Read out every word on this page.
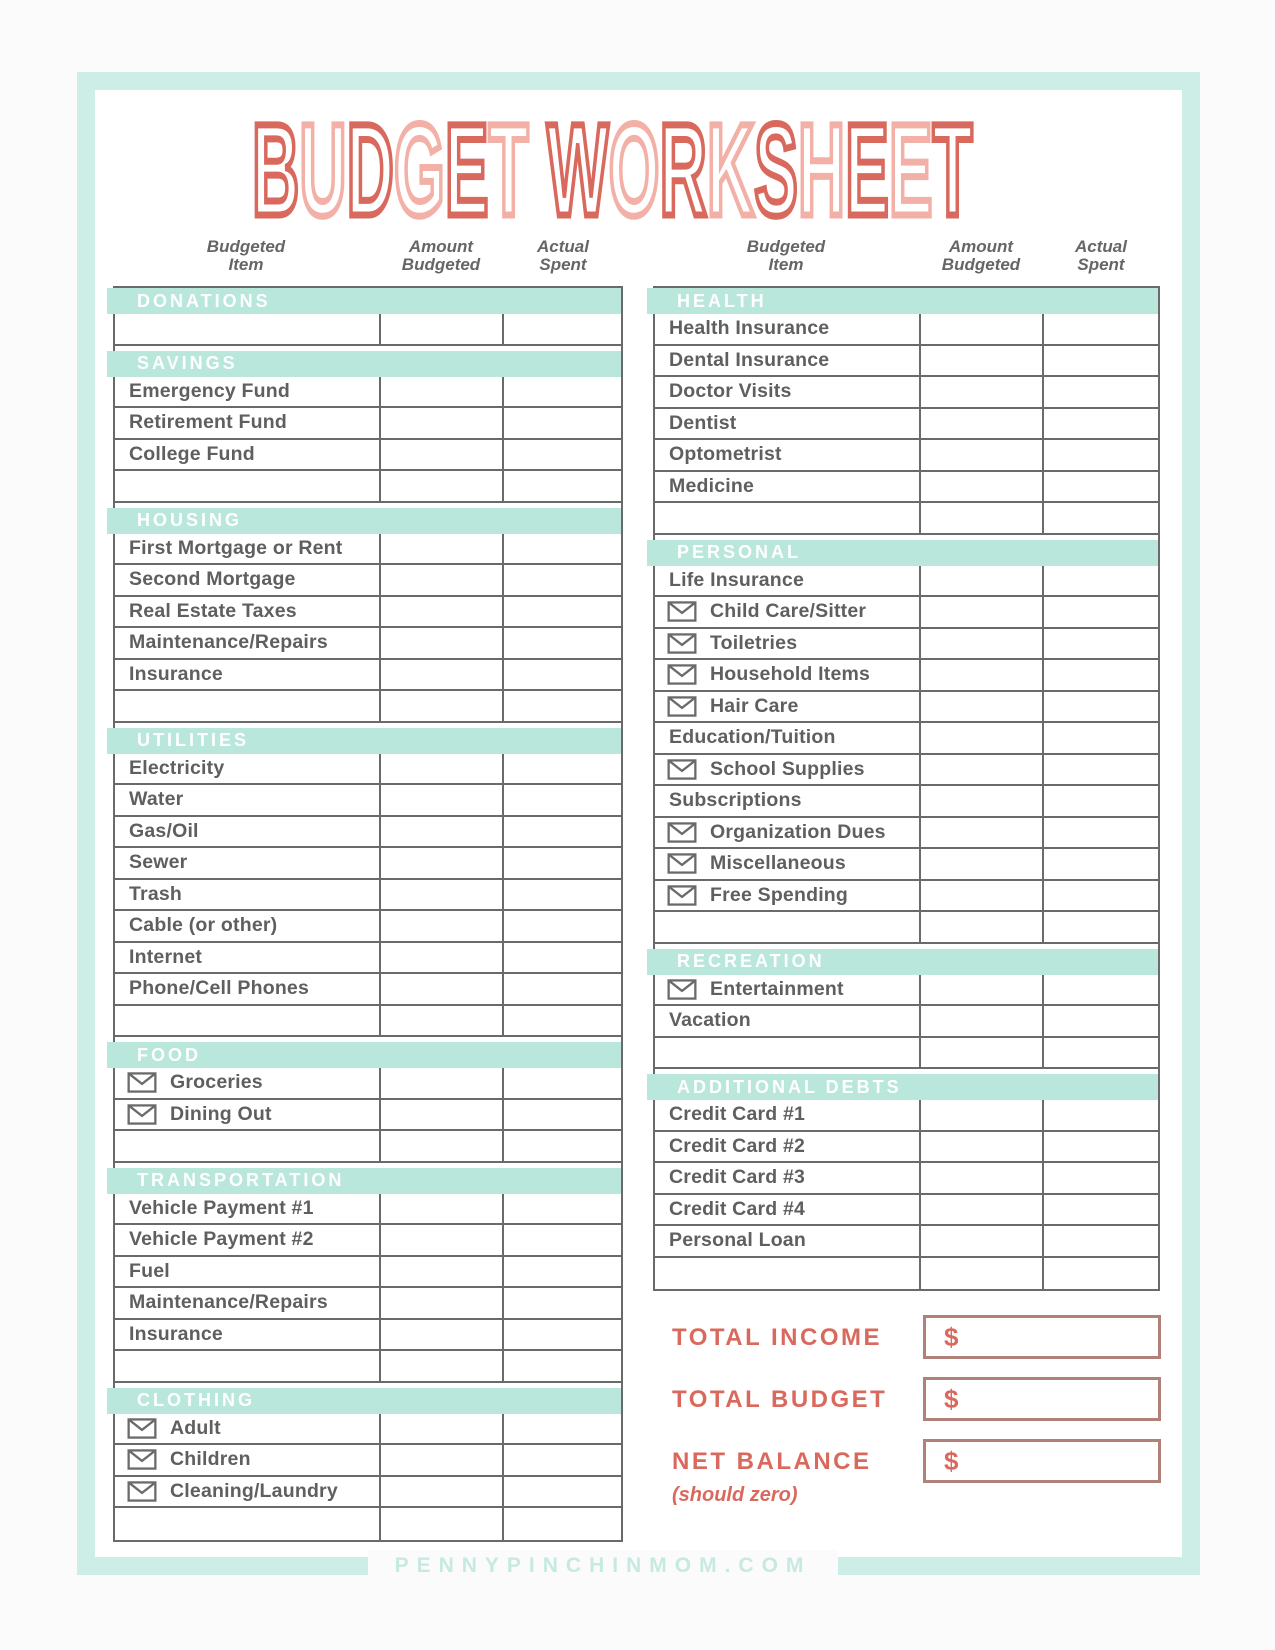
BUDGET WORKSHEET
Budgeted
Item
Amount
Budgeted
Actual
Spent
Budgeted
Item
Amount
Budgeted
Actual
Spent
DONATIONS
SAVINGS
Emergency Fund
Retirement Fund
College Fund
HOUSING
First Mortgage or Rent
Second Mortgage
Real Estate Taxes
Maintenance/Repairs
Insurance
UTILITIES
Electricity
Water
Gas/Oil
Sewer
Trash
Cable (or other)
Internet
Phone/Cell Phones
FOOD
Groceries
Dining Out
TRANSPORTATION
Vehicle Payment #1
Vehicle Payment #2
Fuel
Maintenance/Repairs
Insurance
CLOTHING
Adult
Children
Cleaning/Laundry
HEALTH
Health Insurance
Dental Insurance
Doctor Visits
Dentist
Optometrist
Medicine
PERSONAL
Life Insurance
Child Care/Sitter
Toiletries
Household Items
Hair Care
Education/Tuition
School Supplies
Subscriptions
Organization Dues
Miscellaneous
Free Spending
RECREATION
Entertainment
Vacation
ADDITIONAL DEBTS
Credit Card #1
Credit Card #2
Credit Card #3
Credit Card #4
Personal Loan
TOTAL INCOME	$
TOTAL BUDGET	$
NET BALANCE
(should zero)
$
PENNYPINCHINMOM.COM
